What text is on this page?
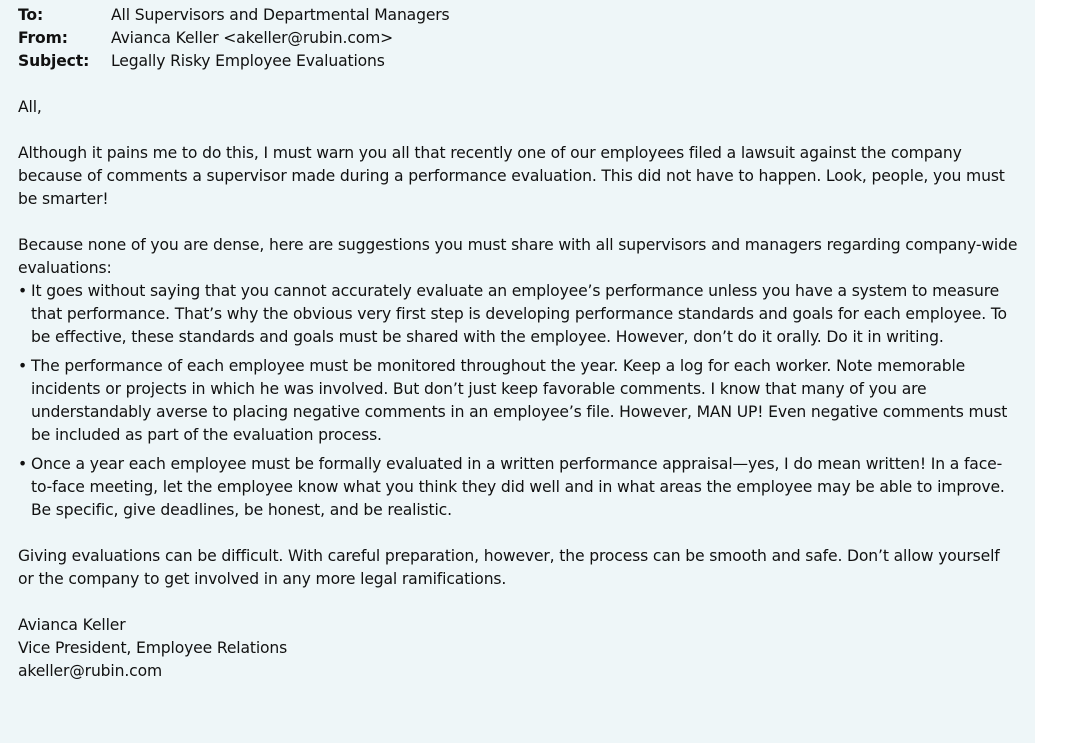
To:	All Supervisors and Departmental Managers
From:	Avianca Keller <akeller@rubin.com>
Subject:	Legally Risky Employee Evaluations

All,

Although it pains me to do this, I must warn you all that recently one of our employees filed a lawsuit against the company because of comments a supervisor made during a performance evaluation. This did not have to happen. Look, people, you must be smarter!

Because none of you are dense, here are suggestions you must share with all supervisors and managers regarding company-wide evaluations:

• It goes without saying that you cannot accurately evaluate an employee’s performance unless you have a system to measure that performance. That’s why the obvious very first step is developing performance standards and goals for each employee. To be effective, these standards and goals must be shared with the employee. However, don’t do it orally. Do it in writing.
• The performance of each employee must be monitored throughout the year. Keep a log for each worker. Note memorable incidents or projects in which he was involved. But don’t just keep favorable comments. I know that many of you are understandably averse to placing negative comments in an employee’s file. However, MAN UP! Even negative comments must be included as part of the evaluation process.
• Once a year each employee must be formally evaluated in a written performance appraisal—yes, I do mean written! In a face-to-face meeting, let the employee know what you think they did well and in what areas the employee may be able to improve. Be specific, give deadlines, be honest, and be realistic.

Giving evaluations can be difficult. With careful preparation, however, the process can be smooth and safe. Don’t allow yourself or the company to get involved in any more legal ramifications.

Avianca Keller
Vice President, Employee Relations
akeller@rubin.com
